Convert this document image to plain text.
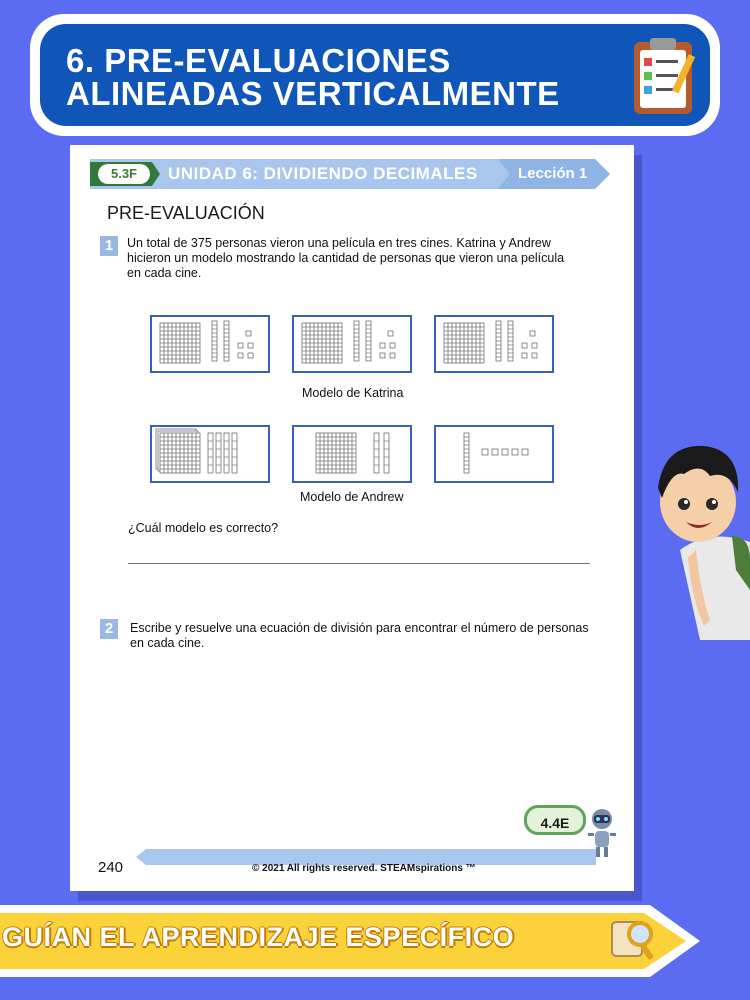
6. PRE-EVALUACIONES
ALINEADAS VERTICALMENTE
5.3F	UNIDAD 6: DIVIDIENDO DECIMALES	Lección 1
PRE-EVALUACIÓN
1	Un total de 375 personas vieron una película en tres cines. Katrina y Andrew hicieron un modelo mostrando la cantidad de personas que vieron una película en cada cine.
Modelo de Katrina
Modelo de Andrew
¿Cuál modelo es correcto?
2	Escribe y resuelve una ecuación de división para encontrar el número de personas en cada cine.
4.4E
240	© 2021 All rights reserved. STEAMspirations ™
GUÍAN EL APRENDIZAJE ESPECÍFICO
